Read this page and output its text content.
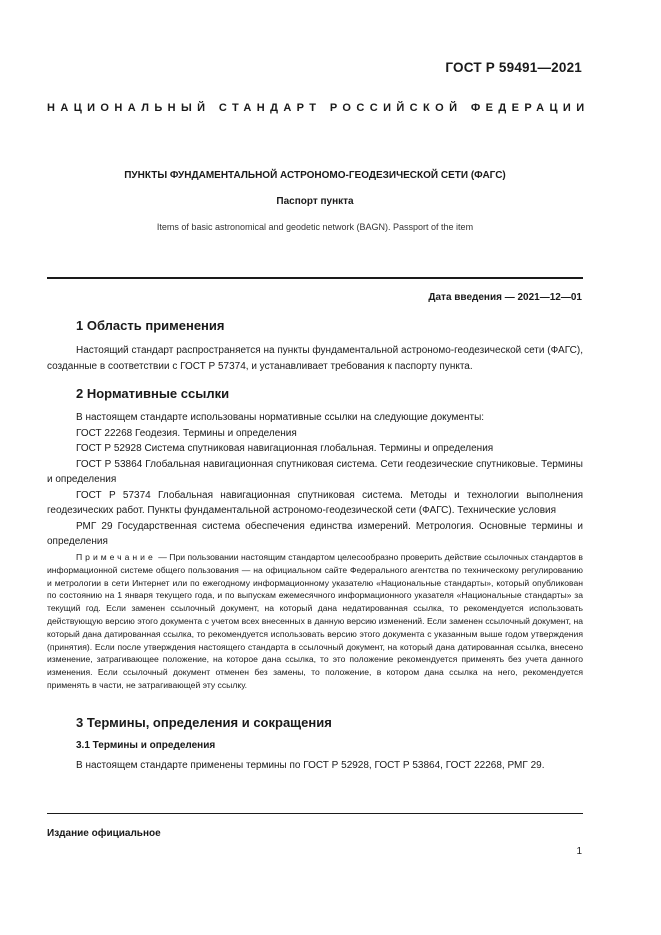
ГОСТ Р 59491—2021
НАЦИОНАЛЬНЫЙ СТАНДАРТ РОССИЙСКОЙ ФЕДЕРАЦИИ
ПУНКТЫ ФУНДАМЕНТАЛЬНОЙ АСТРОНОМО-ГЕОДЕЗИЧЕСКОЙ СЕТИ (ФАГС)
Паспорт пункта
Items of basic astronomical and geodetic network (BAGN). Passport of the item
Дата введения — 2021—12—01
1 Область применения
Настоящий стандарт распространяется на пункты фундаментальной астрономо-геодезической сети (ФАГС), созданные в соответствии с ГОСТ Р 57374, и устанавливает требования к паспорту пункта.
2 Нормативные ссылки
В настоящем стандарте использованы нормативные ссылки на следующие документы:
ГОСТ 22268 Геодезия. Термины и определения
ГОСТ Р 52928 Система спутниковая навигационная глобальная. Термины и определения
ГОСТ Р 53864 Глобальная навигационная спутниковая система. Сети геодезические спутниковые. Термины и определения
ГОСТ Р 57374 Глобальная навигационная спутниковая система. Методы и технологии выполнения геодезических работ. Пункты фундаментальной астрономо-геодезической сети (ФАГС). Технические условия
РМГ 29 Государственная система обеспечения единства измерений. Метрология. Основные термины и определения
Примечание — При пользовании настоящим стандартом целесообразно проверить действие ссылочных стандартов в информационной системе общего пользования — на официальном сайте Федерального агентства по техническому регулированию и метрологии в сети Интернет или по ежегодному информационному указателю «Национальные стандарты», который опубликован по состоянию на 1 января текущего года, и по выпускам ежемесячного информационного указателя «Национальные стандарты» за текущий год. Если заменен ссылочный документ, на который дана недатированная ссылка, то рекомендуется использовать действующую версию этого документа с учетом всех внесенных в данную версию изменений. Если заменен ссылочный документ, на который дана датированная ссылка, то рекомендуется использовать версию этого документа с указанным выше годом утверждения (принятия). Если после утверждения настоящего стандарта в ссылочный документ, на который дана датированная ссылка, внесено изменение, затрагивающее положение, на которое дана ссылка, то это положение рекомендуется применять без учета данного изменения. Если ссылочный документ отменен без замены, то положение, в котором дана ссылка на него, рекомендуется применять в части, не затрагивающей эту ссылку.
3 Термины, определения и сокращения
3.1 Термины и определения
В настоящем стандарте применены термины по ГОСТ Р 52928, ГОСТ Р 53864, ГОСТ 22268, РМГ 29.
Издание официальное
1
